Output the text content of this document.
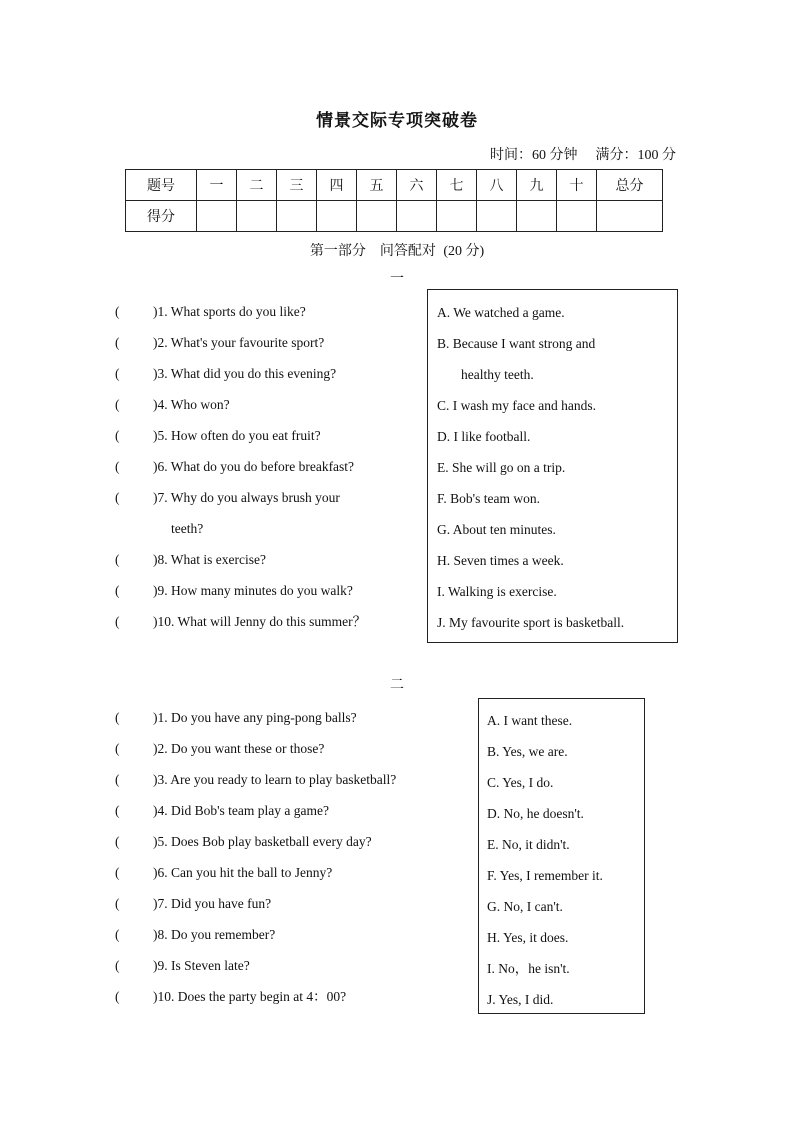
情景交际专项突破卷
时间：60 分钟 满分：100 分
题号	一	二	三	四	五	六	七	八	九	十	总分
得分											
第一部分 问答配对 (20 分)
一
( )1. What sports do you like?
( )2. What's your favourite sport?
( )3. What did you do this evening?
( )4. Who won?
( )5. How often do you eat fruit?
( )6. What do you do before breakfast?
( )7. Why do you always brush your
teeth?
( )8. What is exercise?
( )9. How many minutes do you walk?
( )10. What will Jenny do this summer？
A. We watched a game.
B. Because I want strong and
healthy teeth.
C. I wash my face and hands.
D. I like football.
E. She will go on a trip.
F. Bob's team won.
G. About ten minutes.
H. Seven times a week.
I. Walking is exercise.
J. My favourite sport is basketball.
二
( )1. Do you have any ping-pong balls?
( )2. Do you want these or those?
( )3. Are you ready to learn to play basketball?
( )4. Did Bob's team play a game?
( )5. Does Bob play basketball every day?
( )6. Can you hit the ball to Jenny?
( )7. Did you have fun?
( )8. Do you remember?
( )9. Is Steven late?
( )10. Does the party begin at 4：00?
A. I want these.
B. Yes, we are.
C. Yes, I do.
D. No, he doesn't.
E. No, it didn't.
F. Yes, I remember it.
G. No, I can't.
H. Yes, it does.
I. No，he isn't.
J. Yes, I did.
